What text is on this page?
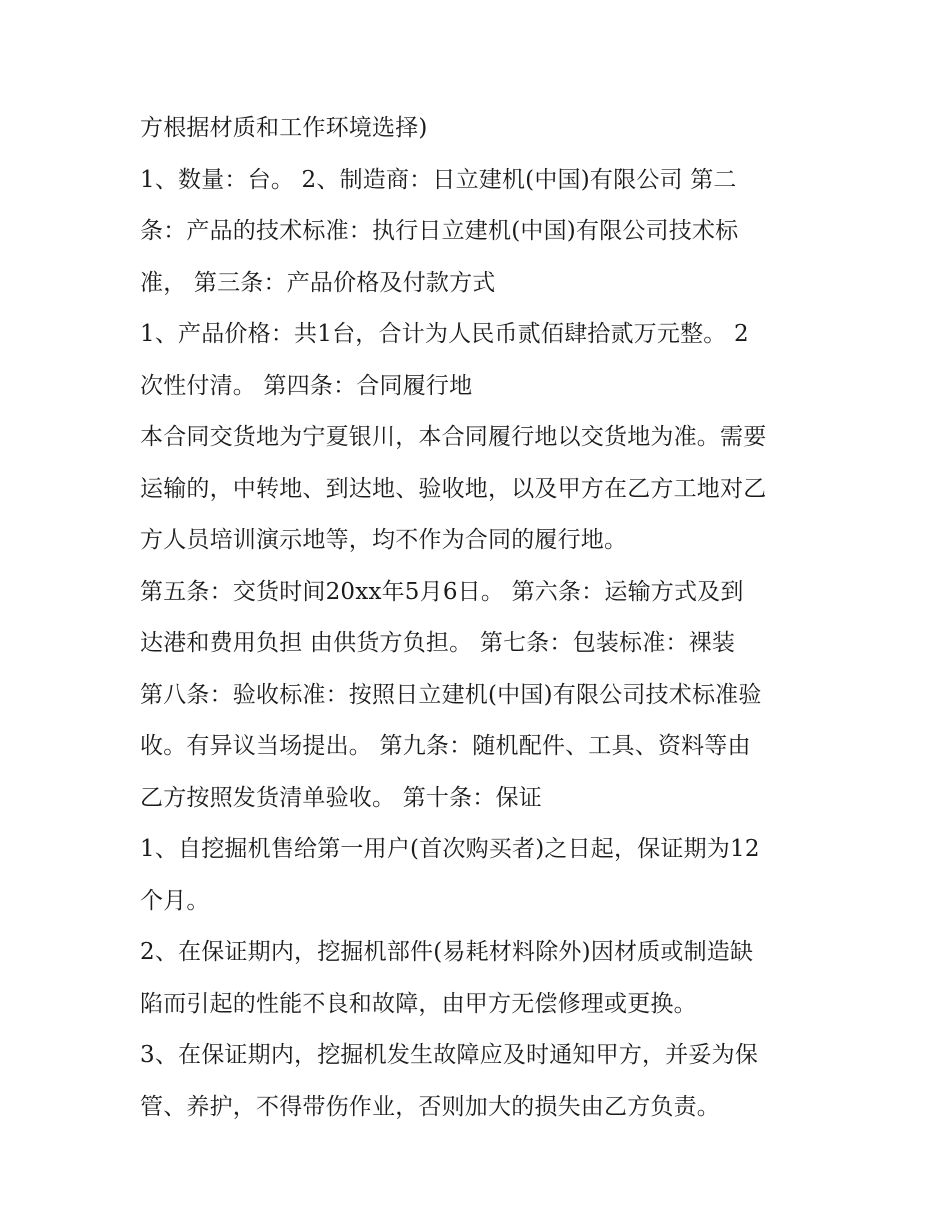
方根据材质和工作环境选择)
1、数量：台。 2、制造商：日立建机(中国)有限公司 第二
条：产品的技术标准：执行日立建机(中国)有限公司技术标
准， 第三条：产品价格及付款方式
1、产品价格：共1台，合计为人民币贰佰肆拾贰万元整。 2
次性付清。 第四条：合同履行地
本合同交货地为宁夏银川，本合同履行地以交货地为准。需要
运输的，中转地、到达地、验收地，以及甲方在乙方工地对乙
方人员培训演示地等，均不作为合同的履行地。
第五条：交货时间20xx年5月6日。 第六条：运输方式及到
达港和费用负担 由供货方负担。 第七条：包装标准：裸装
第八条：验收标准：按照日立建机(中国)有限公司技术标准验
收。有异议当场提出。 第九条：随机配件、工具、资料等由
乙方按照发货清单验收。 第十条：保证
1、自挖掘机售给第一用户(首次购买者)之日起，保证期为12
个月。
2、在保证期内，挖掘机部件(易耗材料除外)因材质或制造缺
陷而引起的性能不良和故障，由甲方无偿修理或更换。
3、在保证期内，挖掘机发生故障应及时通知甲方，并妥为保
管、养护，不得带伤作业，否则加大的损失由乙方负责。
